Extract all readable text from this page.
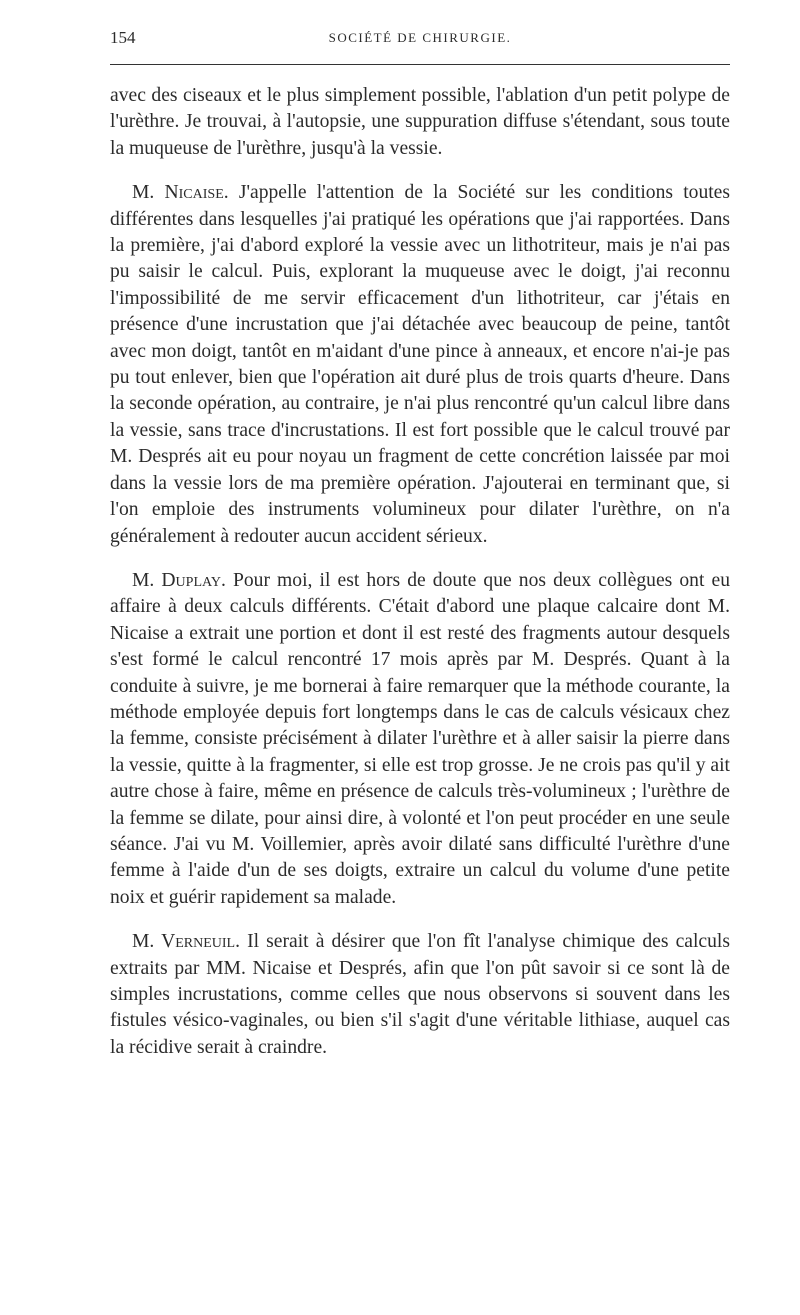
154	SOCIÉTÉ DE CHIRURGIE.

avec des ciseaux et le plus simplement possible, l'ablation d'un petit polype de l'urèthre. Je trouvai, à l'autopsie, une suppuration diffuse s'étendant, sous toute la muqueuse de l'urèthre, jusqu'à la vessie.

M. Nicaise. J'appelle l'attention de la Société sur les conditions toutes différentes dans lesquelles j'ai pratiqué les opérations que j'ai rapportées. Dans la première, j'ai d'abord exploré la vessie avec un lithotriteur, mais je n'ai pas pu saisir le calcul. Puis, explorant la muqueuse avec le doigt, j'ai reconnu l'impossibilité de me servir efficacement d'un lithotriteur, car j'étais en présence d'une incrustation que j'ai détachée avec beaucoup de peine, tantôt avec mon doigt, tantôt en m'aidant d'une pince à anneaux, et encore n'ai-je pas pu tout enlever, bien que l'opération ait duré plus de trois quarts d'heure. Dans la seconde opération, au contraire, je n'ai plus rencontré qu'un calcul libre dans la vessie, sans trace d'incrustations. Il est fort possible que le calcul trouvé par M. Després ait eu pour noyau un fragment de cette concrétion laissée par moi dans la vessie lors de ma première opération. J'ajouterai en terminant que, si l'on emploie des instruments volumineux pour dilater l'urèthre, on n'a généralement à redouter aucun accident sérieux.

M. Duplay. Pour moi, il est hors de doute que nos deux collègues ont eu affaire à deux calculs différents. C'était d'abord une plaque calcaire dont M. Nicaise a extrait une portion et dont il est resté des fragments autour desquels s'est formé le calcul rencontré 17 mois après par M. Després. Quant à la conduite à suivre, je me bornerai à faire remarquer que la méthode courante, la méthode employée depuis fort longtemps dans le cas de calculs vésicaux chez la femme, consiste précisément à dilater l'urèthre et à aller saisir la pierre dans la vessie, quitte à la fragmenter, si elle est trop grosse. Je ne crois pas qu'il y ait autre chose à faire, même en présence de calculs très-volumineux ; l'urèthre de la femme se dilate, pour ainsi dire, à volonté et l'on peut procéder en une seule séance. J'ai vu M. Voillemier, après avoir dilaté sans difficulté l'urèthre d'une femme à l'aide d'un de ses doigts, extraire un calcul du volume d'une petite noix et guérir rapidement sa malade.

M. Verneuil. Il serait à désirer que l'on fît l'analyse chimique des calculs extraits par MM. Nicaise et Després, afin que l'on pût savoir si ce sont là de simples incrustations, comme celles que nous observons si souvent dans les fistules vésico-vaginales, ou bien s'il s'agit d'une véritable lithiase, auquel cas la récidive serait à craindre.
